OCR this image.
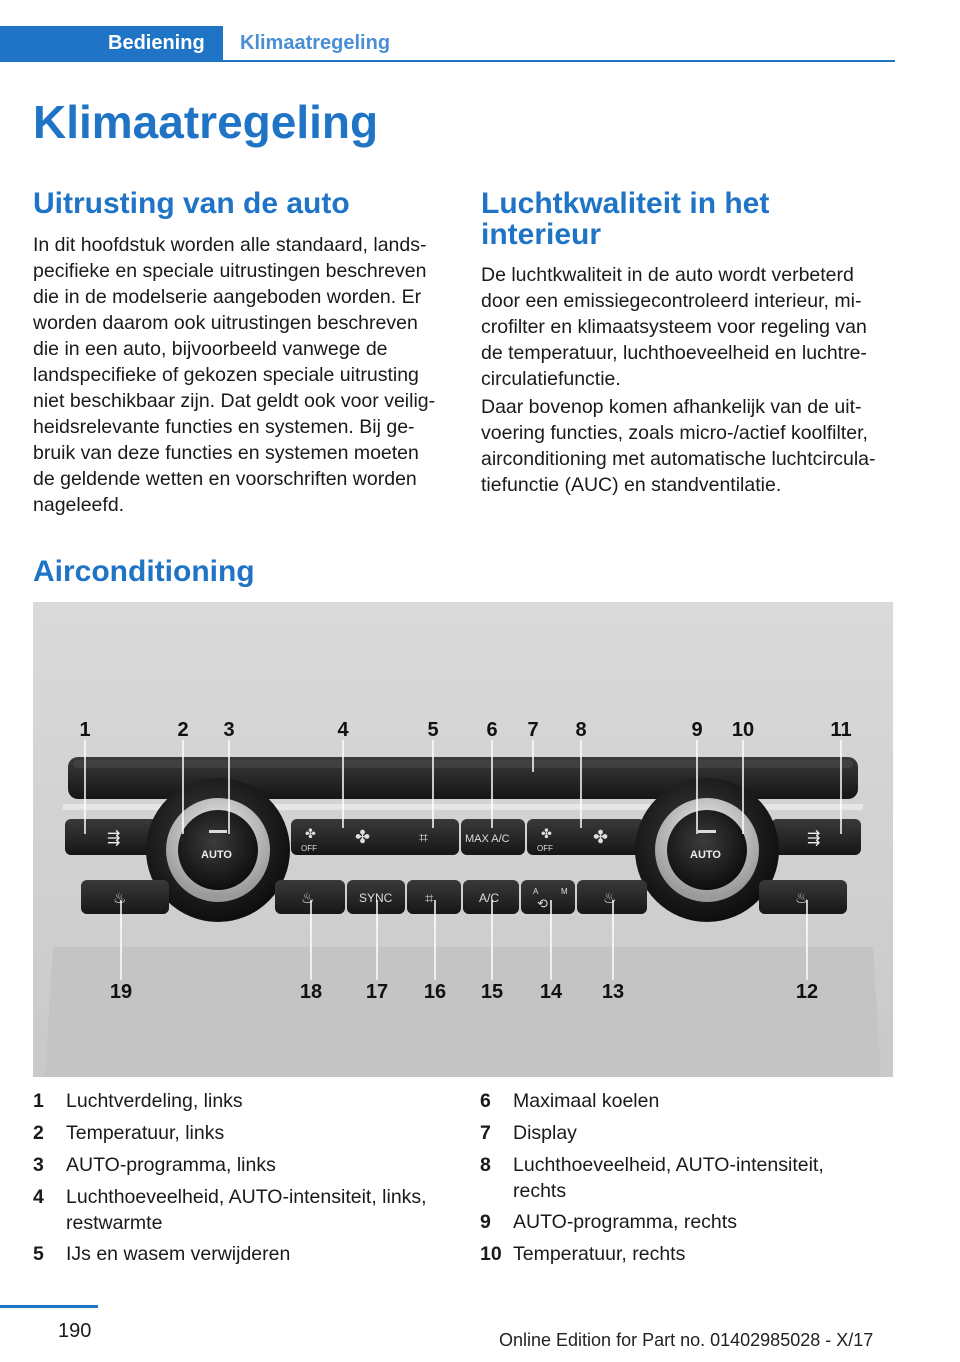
Bediening Klimaatregeling
Klimaatregeling
Uitrusting van de auto
In dit hoofdstuk worden alle standaard, lands‐
pecifieke en speciale uitrustingen beschreven
die in de modelserie aangeboden worden. Er
worden daarom ook uitrustingen beschreven
die in een auto, bijvoorbeeld vanwege de
landspecifieke of gekozen speciale uitrusting
niet beschikbaar zijn. Dat geldt ook voor veilig‐
heidsrelevante functies en systemen. Bij ge‐
bruik van deze functies en systemen moeten
de geldende wetten en voorschriften worden
nageleefd.
Luchtkwaliteit in het
interieur
De luchtkwaliteit in de auto wordt verbeterd
door een emissiegecontroleerd interieur, mi‐
crofilter en klimaatsysteem voor regeling van
de temperatuur, luchthoeveelheid en luchtre‐
circulatiefunctie.
Daar bovenop komen afhankelijk van de uit‐
voering functies, zoals micro-/actief koolfilter,
airconditioning met automatische luchtcircula‐
tiefunctie (AUC) en standventilatie.
Airconditioning
⇶	✤
OFF
✤	⌗	MAX A/C ✤
OFF
✤	⇶
AUTO	AUTO
♨	♨	SYNC ⌗	A/C	A	M
⟲	♨	♨
1	2 3	4	5 6 7 8	9 10	11
19	18 17 16 15 14 13	12
1 Luchtverdeling, links
2 Temperatuur, links
3 AUTO-programma, links
4 Luchthoeveelheid, AUTO-intensiteit, links,
restwarmte
5 IJs en wasem verwijderen
6 Maximaal koelen
7 Display
8 Luchthoeveelheid, AUTO-intensiteit,
rechts
9 AUTO-programma, rechts
10 Temperatuur, rechts
190	Online Edition for Part no. 01402985028 - X/17
